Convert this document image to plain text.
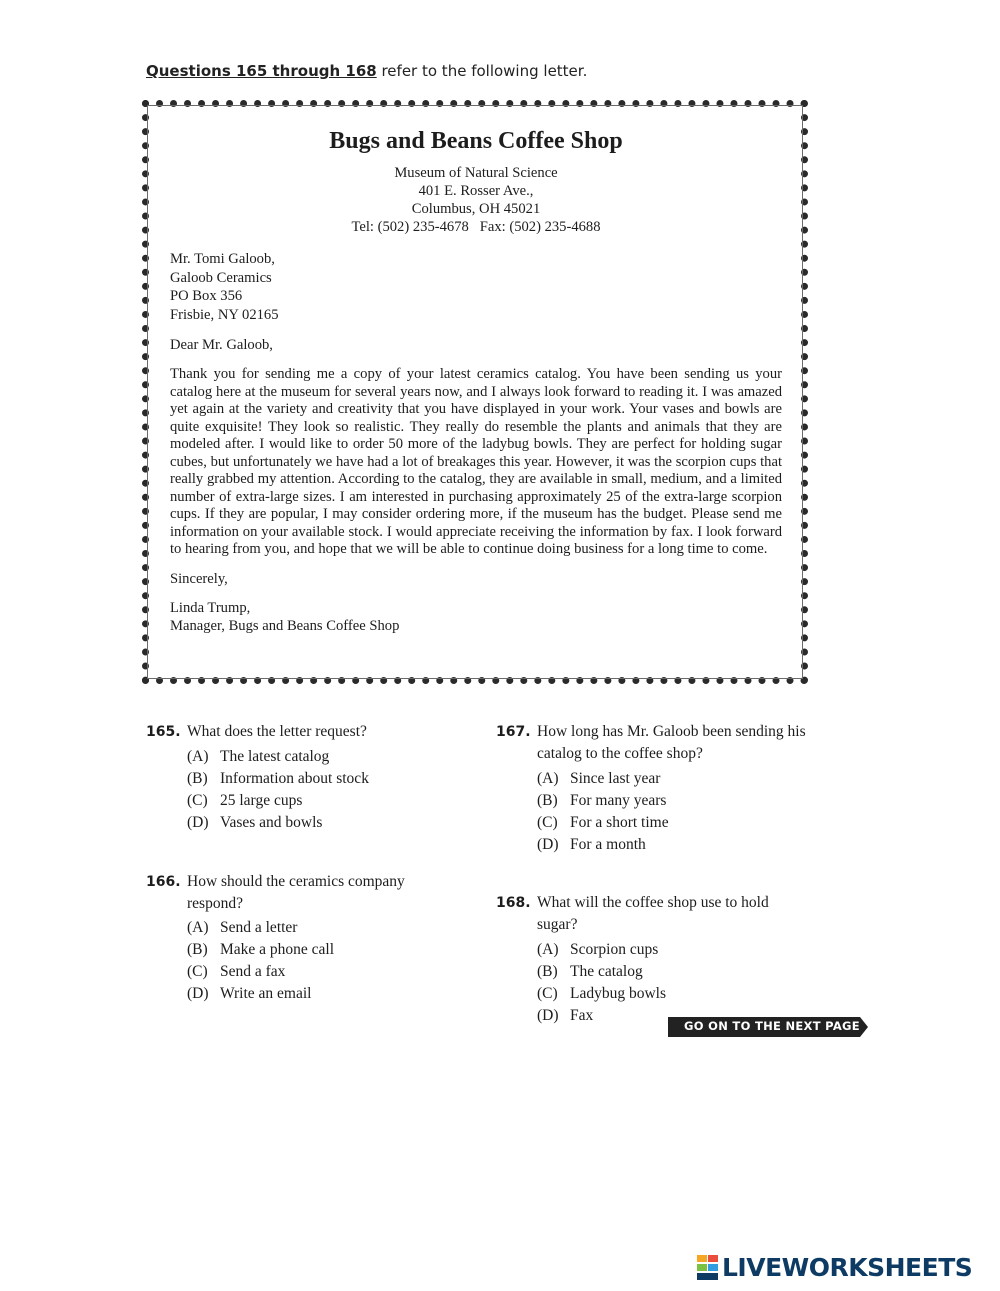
Questions 165 through 168 refer to the following letter.
Bugs and Beans Coffee Shop
Museum of Natural Science
401 E. Rosser Ave.,
Columbus, OH 45021
Tel: (502) 235-4678   Fax: (502) 235-4688
Mr. Tomi Galoob,
Galoob Ceramics
PO Box 356
Frisbie, NY 02165
Dear Mr. Galoob,
Thank you for sending me a copy of your latest ceramics catalog. You have been sending us your catalog here at the museum for several years now, and I always look forward to reading it. I was amazed yet again at the variety and creativity that you have displayed in your work. Your vases and bowls are quite exquisite! They look so realistic. They really do resemble the plants and animals that they are modeled after. I would like to order 50 more of the ladybug bowls. They are perfect for holding sugar cubes, but unfortunately we have had a lot of breakages this year. However, it was the scorpion cups that really grabbed my attention. According to the catalog, they are available in small, medium, and a limited number of extra-large sizes. I am interested in purchasing approximately 25 of the extra-large scorpion cups. If they are popular, I may consider ordering more, if the museum has the budget. Please send me information on your available stock. I would appreciate receiving the information by fax. I look forward to hearing from you, and hope that we will be able to continue doing business for a long time to come.
Sincerely,
Linda Trump,
Manager, Bugs and Beans Coffee Shop
165. What does the letter request?
(A) The latest catalog
(B) Information about stock
(C) 25 large cups
(D) Vases and bowls
166. How should the ceramics company respond?
(A) Send a letter
(B) Make a phone call
(C) Send a fax
(D) Write an email
167. How long has Mr. Galoob been sending his catalog to the coffee shop?
(A) Since last year
(B) For many years
(C) For a short time
(D) For a month
168. What will the coffee shop use to hold sugar?
(A) Scorpion cups
(B) The catalog
(C) Ladybug bowls
(D) Fax
GO ON TO THE NEXT PAGE
LIVEWORKSHEETS
